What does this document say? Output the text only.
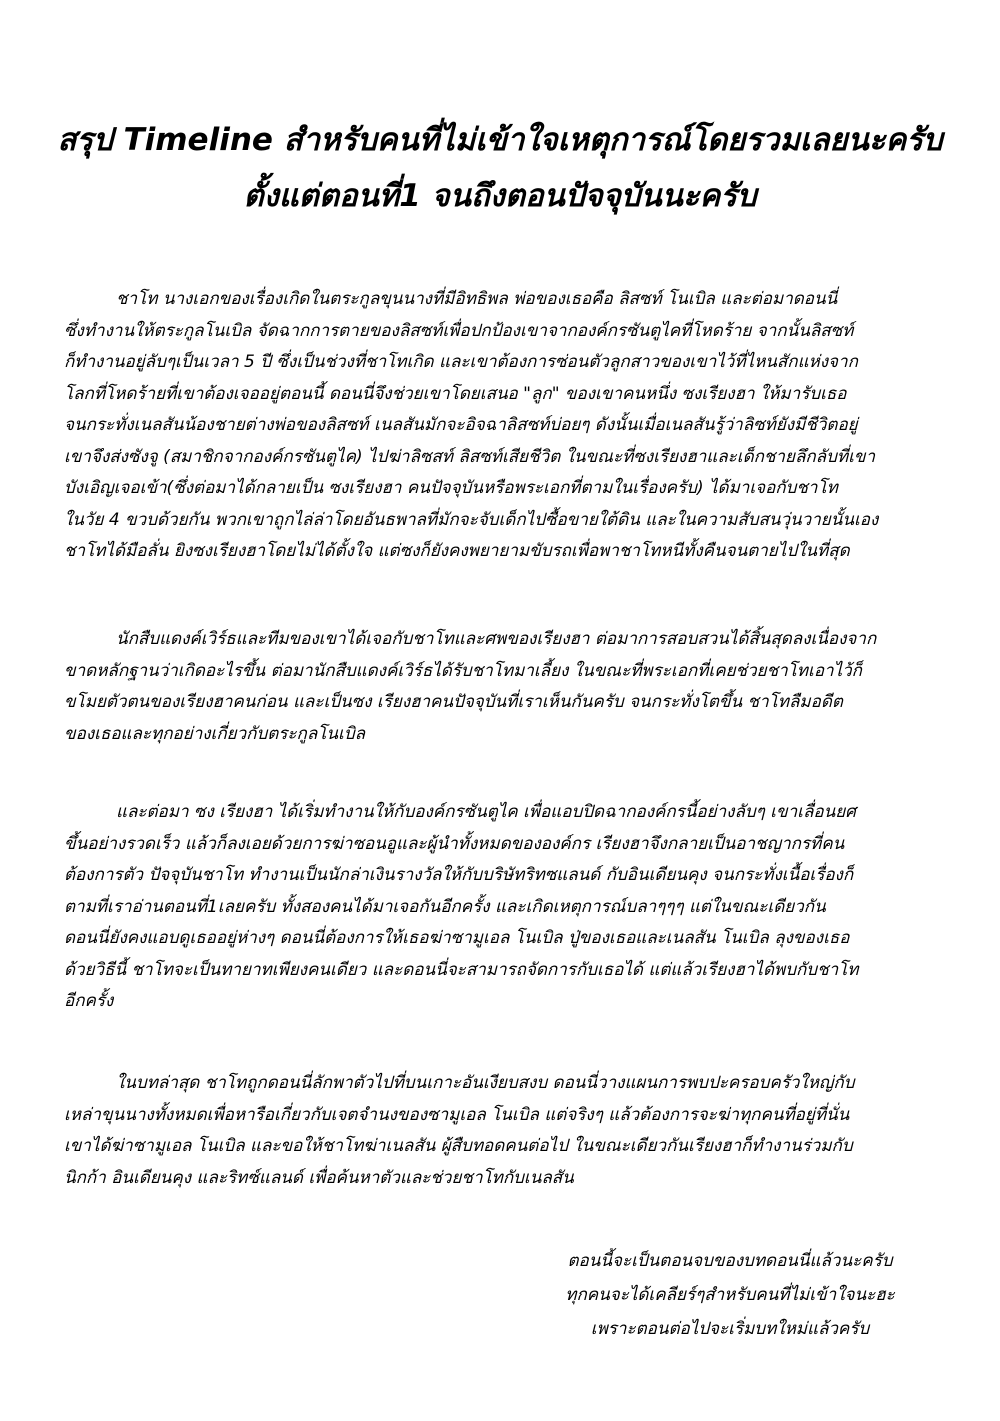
สรุป Timeline สำหรับคนที่ไม่เข้าใจเหตุการณ์โดยรวมเลยนะครับ
ตั้งแต่ตอนที่1 จนถึงตอนปัจจุบันนะครับ
ชาโท นางเอกของเรื่องเกิดในตระกูลขุนนางที่มีอิทธิพล พ่อของเธอคือ ลิสซท์ โนเบิล และต่อมาดอนนี่
ซึ่งทำงานให้ตระกูลโนเบิล จัดฉากการตายของลิสซท์เพื่อปกป้องเขาจากองค์กรซันตูไคที่โหดร้าย จากนั้นลิสซท์
ก็ทำงานอยู่ลับๆเป็นเวลา 5 ปี ซึ่งเป็นช่วงที่ชาโทเกิด และเขาต้องการซ่อนตัวลูกสาวของเขาไว้ที่ไหนสักแห่งจาก
โลกที่โหดร้ายที่เขาต้องเจออยู่ตอนนี้ ดอนนี่จึงช่วยเขาโดยเสนอ "ลูก" ของเขาคนหนึ่ง ซงเรียงฮา ให้มารับเธอ
จนกระทั่งเนลสันน้องชายต่างพ่อของลิสซท์ เนลสันมักจะอิจฉาลิสซท์บ่อยๆ ดังนั้นเมื่อเนลสันรู้ว่าลิซท์ยังมีชีวิตอยู่
เขาจึงส่งซังจู (สมาชิกจากองค์กรซันตูไค) ไปฆ่าลิซสท์ ลิสซท์เสียชีวิต ในขณะที่ซงเรียงฮาและเด็กชายลึกลับที่เขา
บังเอิญเจอเข้า(ซึ่งต่อมาได้กลายเป็น ซงเรียงฮา คนปัจจุบันหรือพระเอกที่ตามในเรื่องครับ) ได้มาเจอกับชาโท
ในวัย 4 ขวบด้วยกัน พวกเขาถูกไล่ล่าโดยอันธพาลที่มักจะจับเด็กไปซื้อขายใต้ดิน และในความสับสนวุ่นวายนั้นเอง
ชาโทได้มือลั่น ยิงซงเรียงฮาโดยไม่ได้ตั้งใจ แต่ซงก็ยังคงพยายามขับรถเพื่อพาชาโทหนีทั้งคืนจนตายไปในที่สุด
นักสืบแดงค์เวิร์ธและทีมของเขาได้เจอกับชาโทและศพของเรียงฮา ต่อมาการสอบสวนได้สิ้นสุดลงเนื่องจาก
ขาดหลักฐานว่าเกิดอะไรขึ้น ต่อมานักสืบแดงค์เวิร์ธได้รับชาโทมาเลี้ยง ในขณะที่พระเอกที่เคยช่วยชาโทเอาไว้ก็
ขโมยตัวตนของเรียงฮาคนก่อน และเป็นซง เรียงฮาคนปัจจุบันที่เราเห็นกันครับ จนกระทั่งโตขึ้น ชาโทลืมอดีต
ของเธอและทุกอย่างเกี่ยวกับตระกูลโนเบิล
และต่อมา ซง เรียงฮา ได้เริ่มทำงานให้กับองค์กรซันตูไค เพื่อแอบปิดฉากองค์กรนี้อย่างลับๆ เขาเลื่อนยศ
ขึ้นอย่างรวดเร็ว แล้วก็ลงเอยด้วยการฆ่าซอนอูและผู้นำทั้งหมดขององค์กร เรียงฮาจึงกลายเป็นอาชญากรที่คน
ต้องการตัว ปัจจุบันชาโท ทำงานเป็นนักล่าเงินรางวัลให้กับบริษัทริทซแลนด์ กับอินเดียนคุง จนกระทั่งเนื้อเรื่องก็
ตามที่เราอ่านตอนที่1เลยครับ ทั้งสองคนได้มาเจอกันอีกครั้ง และเกิดเหตุการณ์บลาๆๆๆ แต่ในขณะเดียวกัน
ดอนนี่ยังคงแอบดูเธออยู่ห่างๆ ดอนนี่ต้องการให้เธอฆ่าซามูเอล โนเบิล ปู่ของเธอและเนลสัน โนเบิล ลุงของเธอ
ด้วยวิธีนี้ ชาโทจะเป็นทายาทเพียงคนเดียว และดอนนี่จะสามารถจัดการกับเธอได้ แต่แล้วเรียงฮาได้พบกับชาโท
อีกครั้ง
ในบทล่าสุด ชาโทถูกดอนนี่ลักพาตัวไปที่บนเกาะอันเงียบสงบ ดอนนี่วางแผนการพบปะครอบครัวใหญ่กับ
เหล่าขุนนางทั้งหมดเพื่อหารือเกี่ยวกับเจตจำนงของซามูเอล โนเบิล แต่จริงๆ แล้วต้องการจะฆ่าทุกคนที่อยู่ที่นั่น
เขาได้ฆ่าซามูเอล โนเบิล และขอให้ชาโทฆ่าเนลสัน ผู้สืบทอดคนต่อไป ในขณะเดียวกันเรียงฮาก็ทำงานร่วมกับ
นิกก้า อินเดียนคุง และริทซ์แลนด์ เพื่อค้นหาตัวและช่วยชาโทกับเนลสัน
ตอนนี้จะเป็นตอนจบของบทดอนนี่แล้วนะครับ
ทุกคนจะได้เคลียร์ๆสำหรับคนที่ไม่เข้าใจนะฮะ
เพราะตอนต่อไปจะเริ่มบทใหม่แล้วครับ
